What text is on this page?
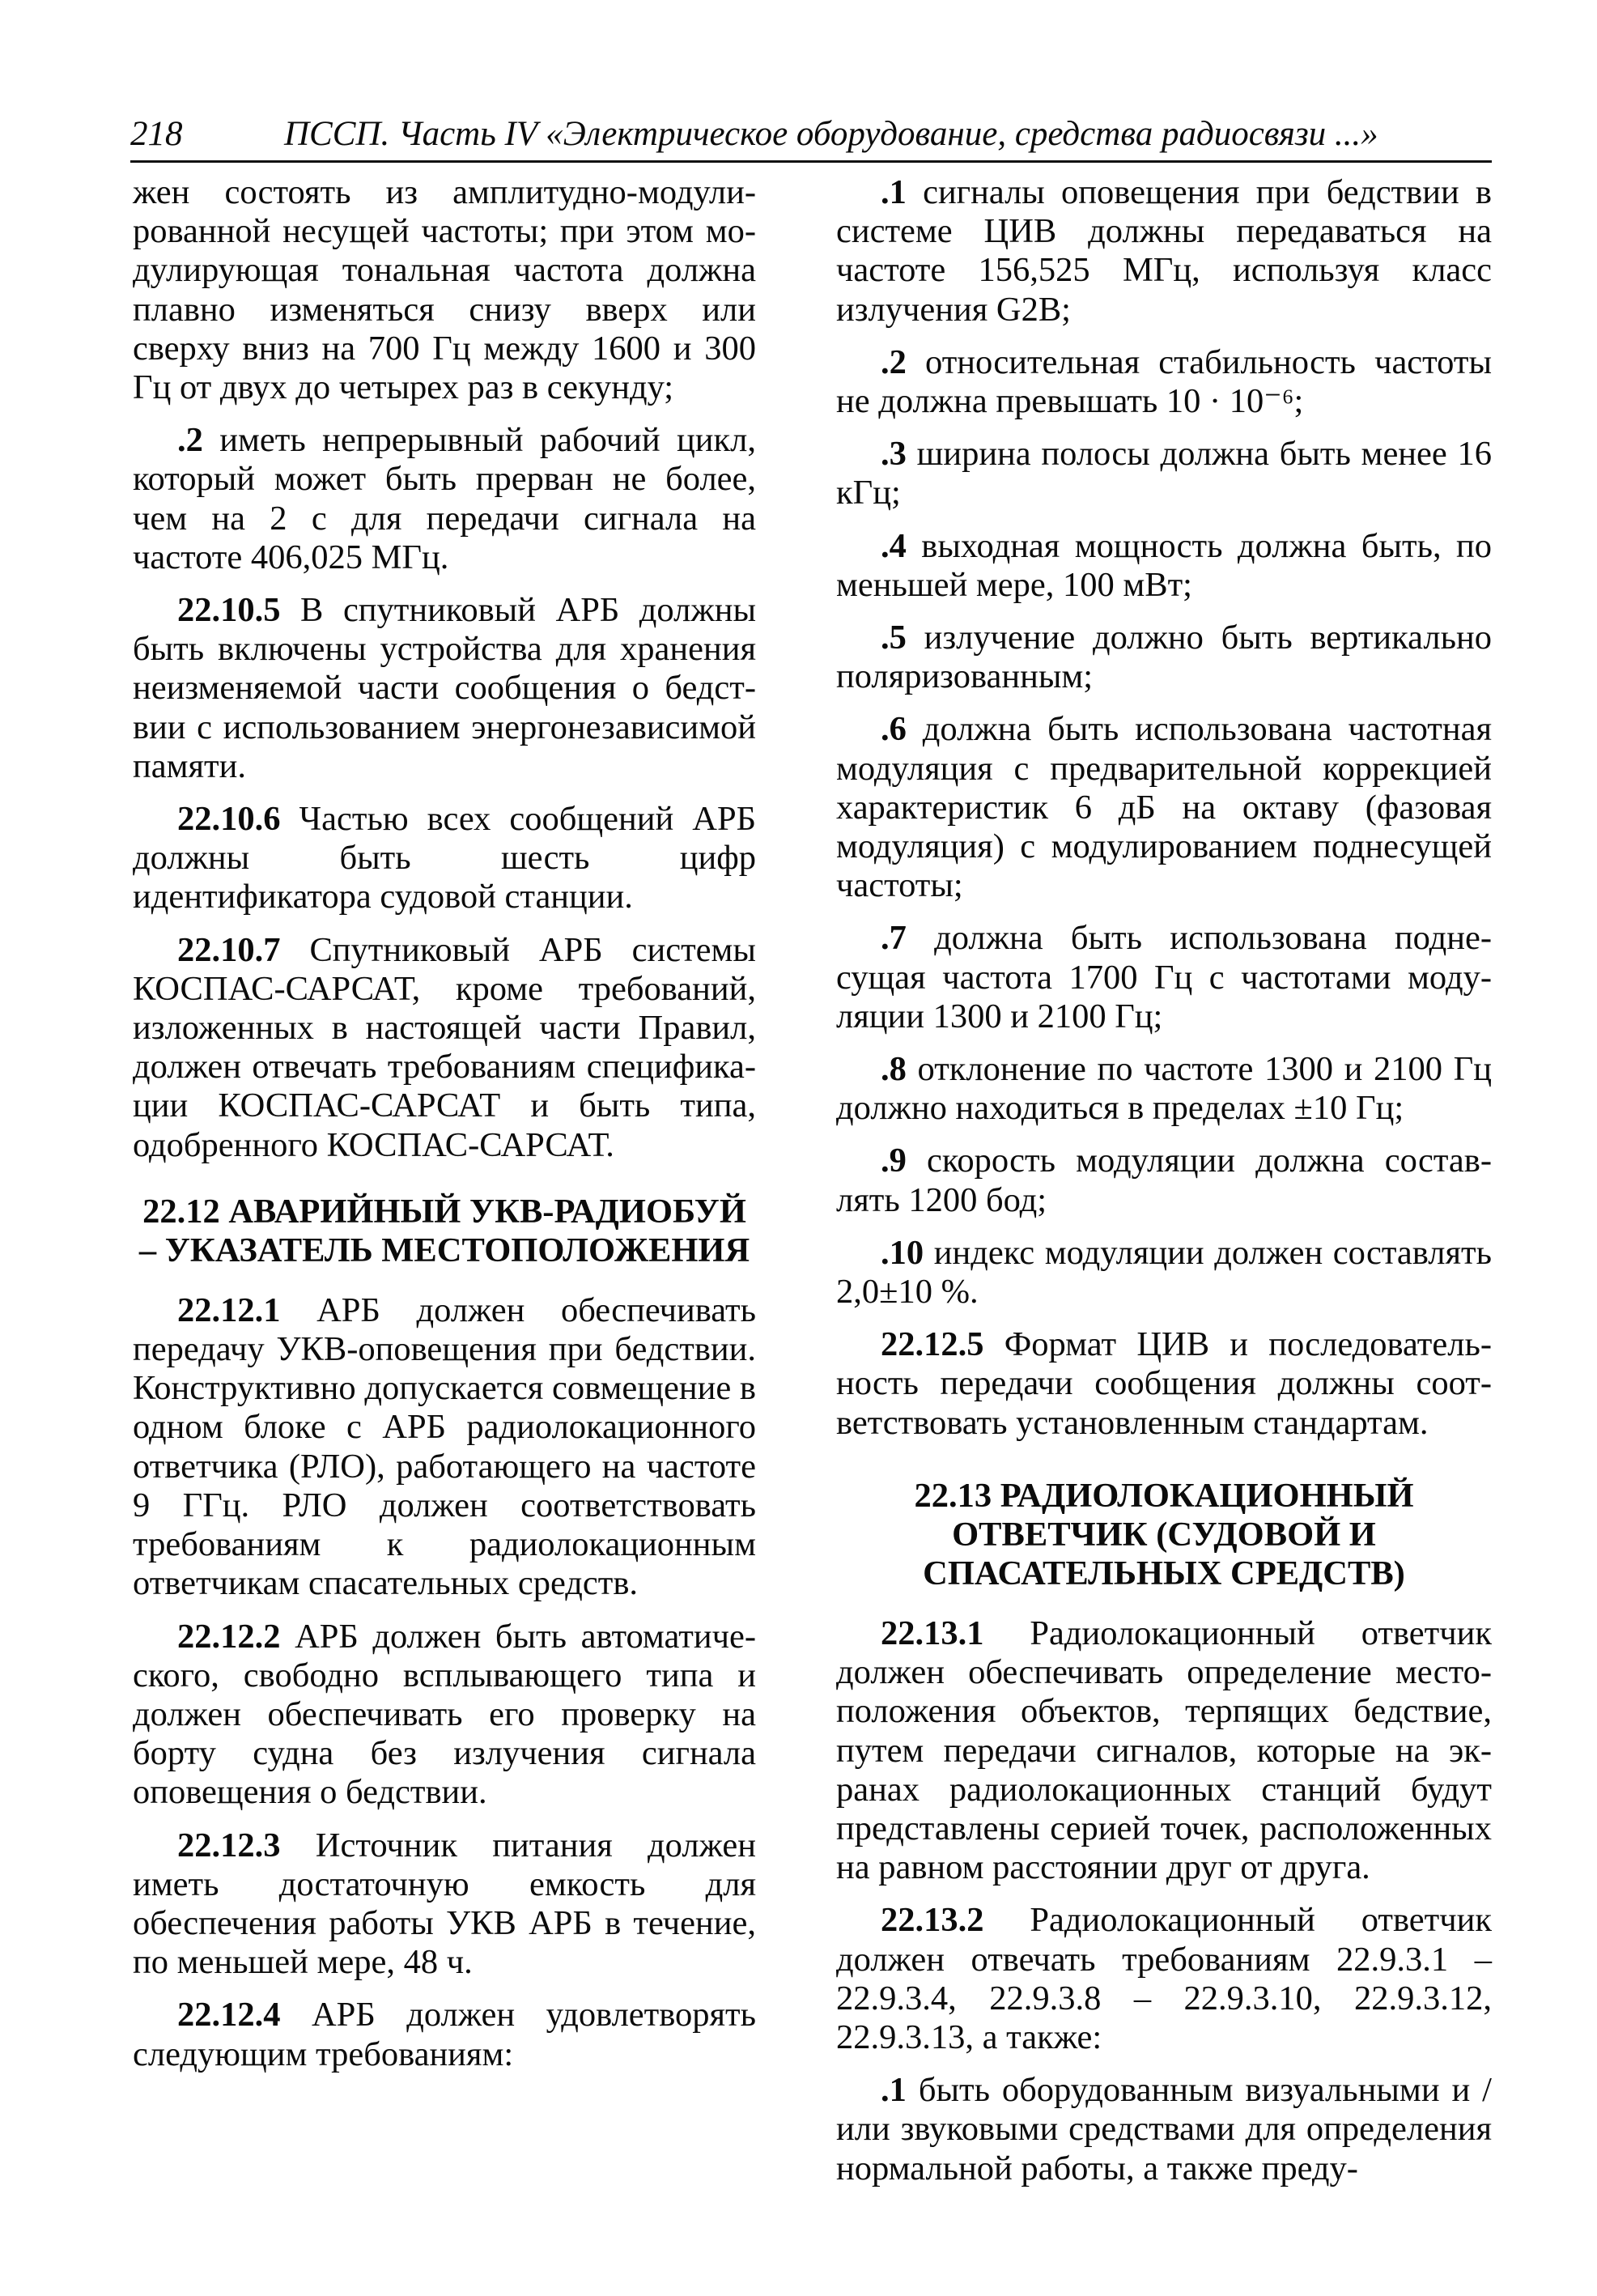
218	ПССП. Часть IV «Электрическое оборудование, средства радиосвязи ...»

жен состоять из амплитудно-модулированной несущей частоты; при этом модулирующая тональная частота должна плавно изменяться снизу вверх или сверху вниз на 700 Гц между 1600 и 300 Гц от двух до четырех раз в секунду;

.2 иметь непрерывный рабочий цикл, который может быть прерван не более, чем на 2 с для передачи сигнала на частоте 406,025 МГц.

22.10.5 В спутниковый АРБ должны быть включены устройства для хранения неизменяемой части сообщения о бедствии с использованием энергонезависимой памяти.

22.10.6 Частью всех сообщений АРБ должны быть шесть цифр идентификатора судовой станции.

22.10.7 Спутниковый АРБ системы КОСПАС-САРСАТ, кроме требований, изложенных в настоящей части Правил, должен отвечать требованиям спецификации КОСПАС-САРСАТ и быть типа, одобренного КОСПАС-САРСАТ.

22.12 АВАРИЙНЫЙ УКВ-РАДИОБУЙ – УКАЗАТЕЛЬ МЕСТОПОЛОЖЕНИЯ

22.12.1 АРБ должен обеспечивать передачу УКВ-оповещения при бедствии. Конструктивно допускается совмещение в одном блоке с АРБ радиолокационного ответчика (РЛО), работающего на частоте 9 ГГц. РЛО должен соответствовать требованиям к радиолокационным ответчикам спасательных средств.

22.12.2 АРБ должен быть автоматического, свободно всплывающего типа и должен обеспечивать его проверку на борту судна без излучения сигнала оповещения о бедствии.

22.12.3 Источник питания должен иметь достаточную емкость для обеспечения работы УКВ АРБ в течение, по меньшей мере, 48 ч.

22.12.4 АРБ должен удовлетворять следующим требованиям:

.1 сигналы оповещения при бедствии в системе ЦИВ должны передаваться на частоте 156,525 МГц, используя класс излучения G2B;

.2 относительная стабильность частоты не должна превышать 10 · 10⁻⁶;

.3 ширина полосы должна быть менее 16 кГц;

.4 выходная мощность должна быть, по меньшей мере, 100 мВт;

.5 излучение должно быть вертикально поляризованным;

.6 должна быть использована частотная модуляция с предварительной коррекцией характеристик 6 дБ на октаву (фазовая модуляция) с модулированием поднесущей частоты;

.7 должна быть использована поднесущая частота 1700 Гц с частотами модуляции 1300 и 2100 Гц;

.8 отклонение по частоте 1300 и 2100 Гц должно находиться в пределах ±10 Гц;

.9 скорость модуляции должна составлять 1200 бод;

.10 индекс модуляции должен составлять 2,0±10 %.

22.12.5 Формат ЦИВ и последовательность передачи сообщения должны соответствовать установленным стандартам.

22.13 РАДИОЛОКАЦИОННЫЙ ОТВЕТЧИК (СУДОВОЙ И СПАСАТЕЛЬНЫХ СРЕДСТВ)

22.13.1 Радиолокационный ответчик должен обеспечивать определение местоположения объектов, терпящих бедствие, путем передачи сигналов, которые на экранах радиолокационных станций будут представлены серией точек, расположенных на равном расстоянии друг от друга.

22.13.2 Радиолокационный ответчик должен отвечать требованиям 22.9.3.1 – 22.9.3.4, 22.9.3.8 – 22.9.3.10, 22.9.3.12, 22.9.3.13, а также:

.1 быть оборудованным визуальными и / или звуковыми средствами для определения нормальной работы, а также преду-
